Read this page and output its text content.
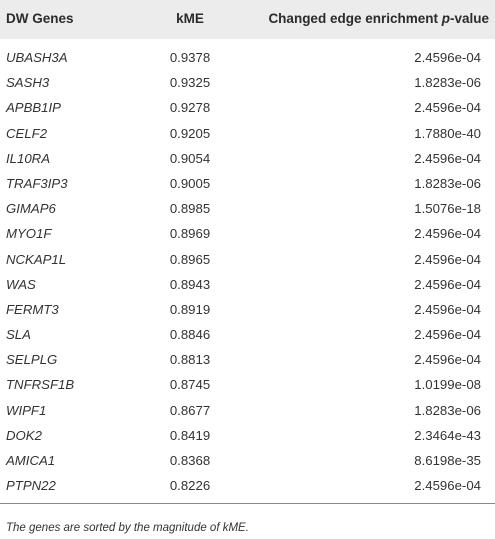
DW Genes	kME	Changed edge enrichment p-value
UBASH3A	0.9378	2.4596e-04
SASH3	0.9325	1.8283e-06
APBB1IP	0.9278	2.4596e-04
CELF2	0.9205	1.7880e-40
IL10RA	0.9054	2.4596e-04
TRAF3IP3	0.9005	1.8283e-06
GIMAP6	0.8985	1.5076e-18
MYO1F	0.8969	2.4596e-04
NCKAP1L	0.8965	2.4596e-04
WAS	0.8943	2.4596e-04
FERMT3	0.8919	2.4596e-04
SLA	0.8846	2.4596e-04
SELPLG	0.8813	2.4596e-04
TNFRSF1B	0.8745	1.0199e-08
WIPF1	0.8677	1.8283e-06
DOK2	0.8419	2.3464e-43
AMICA1	0.8368	8.6198e-35
PTPN22	0.8226	2.4596e-04
The genes are sorted by the magnitude of kME.
